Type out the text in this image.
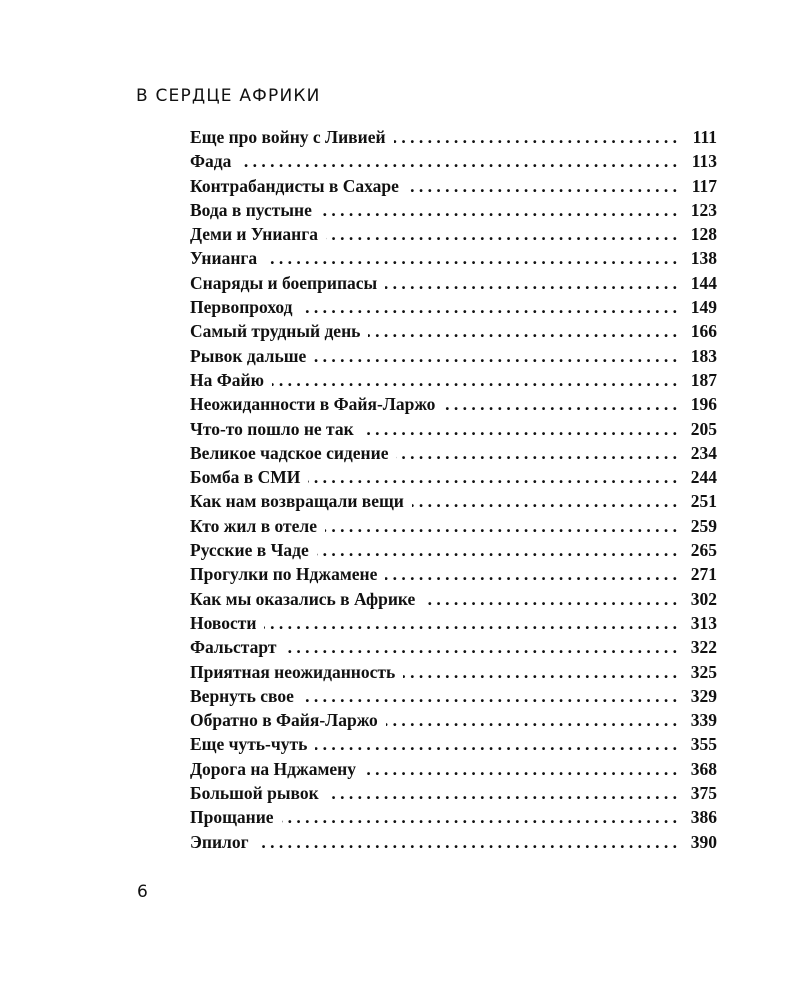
В СЕРДЦЕ АФРИКИ
Еще про войну с Ливией . . .	111
Фада . . .	113
Контрабандисты в Сахаре . . .	117
Вода в пустыне . . .	123
Деми и Униaнга . . .	128
Униaнга . . .	138
Снаряды и боеприпасы . . .	144
Первопроход . . .	149
Самый трудный день . . .	166
Рывок дальше . . .	183
На Файю . . .	187
Неожиданности в Файя-Ларжо . . .	196
Что-то пошло не так . . .	205
Великое чадское сидение . . .	234
Бомба в СМИ . . .	244
Как нам возвращали вещи . . .	251
Кто жил в отеле . . .	259
Русские в Чаде . . .	265
Прогулки по Нджамене . . .	271
Как мы оказались в Африке . . .	302
Новости . . .	313
Фальстарт . . .	322
Приятная неожиданность . . .	325
Вернуть свое . . .	329
Обратно в Файя-Ларжо . . .	339
Еще чуть-чуть . . .	355
Дорога на Нджамену . . .	368
Большой рывок . . .	375
Прощание . . .	386
Эпилог . . .	390
6
